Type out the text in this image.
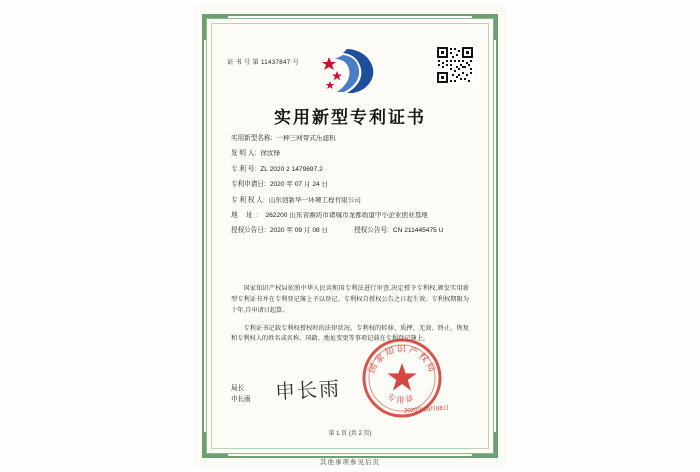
证 书 号 第 11437847 号
实用新型专利证书
实用新型名称: 一种三网带式压滤机
发 明 人: 徐汝锋
专 利 号: ZL 2020 2 1479697.2
专利申请日: 2020 年 07 月 24 日
专 利 权 人: 山东创新华一环境工程有限公司
地 址: 262200 山东省潍坊市诸城市龙都街道中小企业创业基地
授权公告日: 2020 年 09 月 08 日	授权公告号: CN 211445475 U

国家知识产权局依照中华人民共和国专利法进行审查,决定授予专利权,颁发实用新型专利证书并在专利登记簿上予以登记。专利权自授权公告之日起生效。专利权期限为十年,自申请日起算。

专利证书记载专利权授权时的法律状况。专利权的转移、质押、无效、终止、恢复和专利权人的姓名或名称、国籍、地址变更等事项记载在专利登记簿上。

局长
申长雨 申长雨
国家知识产权局
专用章
2020年09月08日
第 1 页 (共 2 页)
其他事项参见后页
